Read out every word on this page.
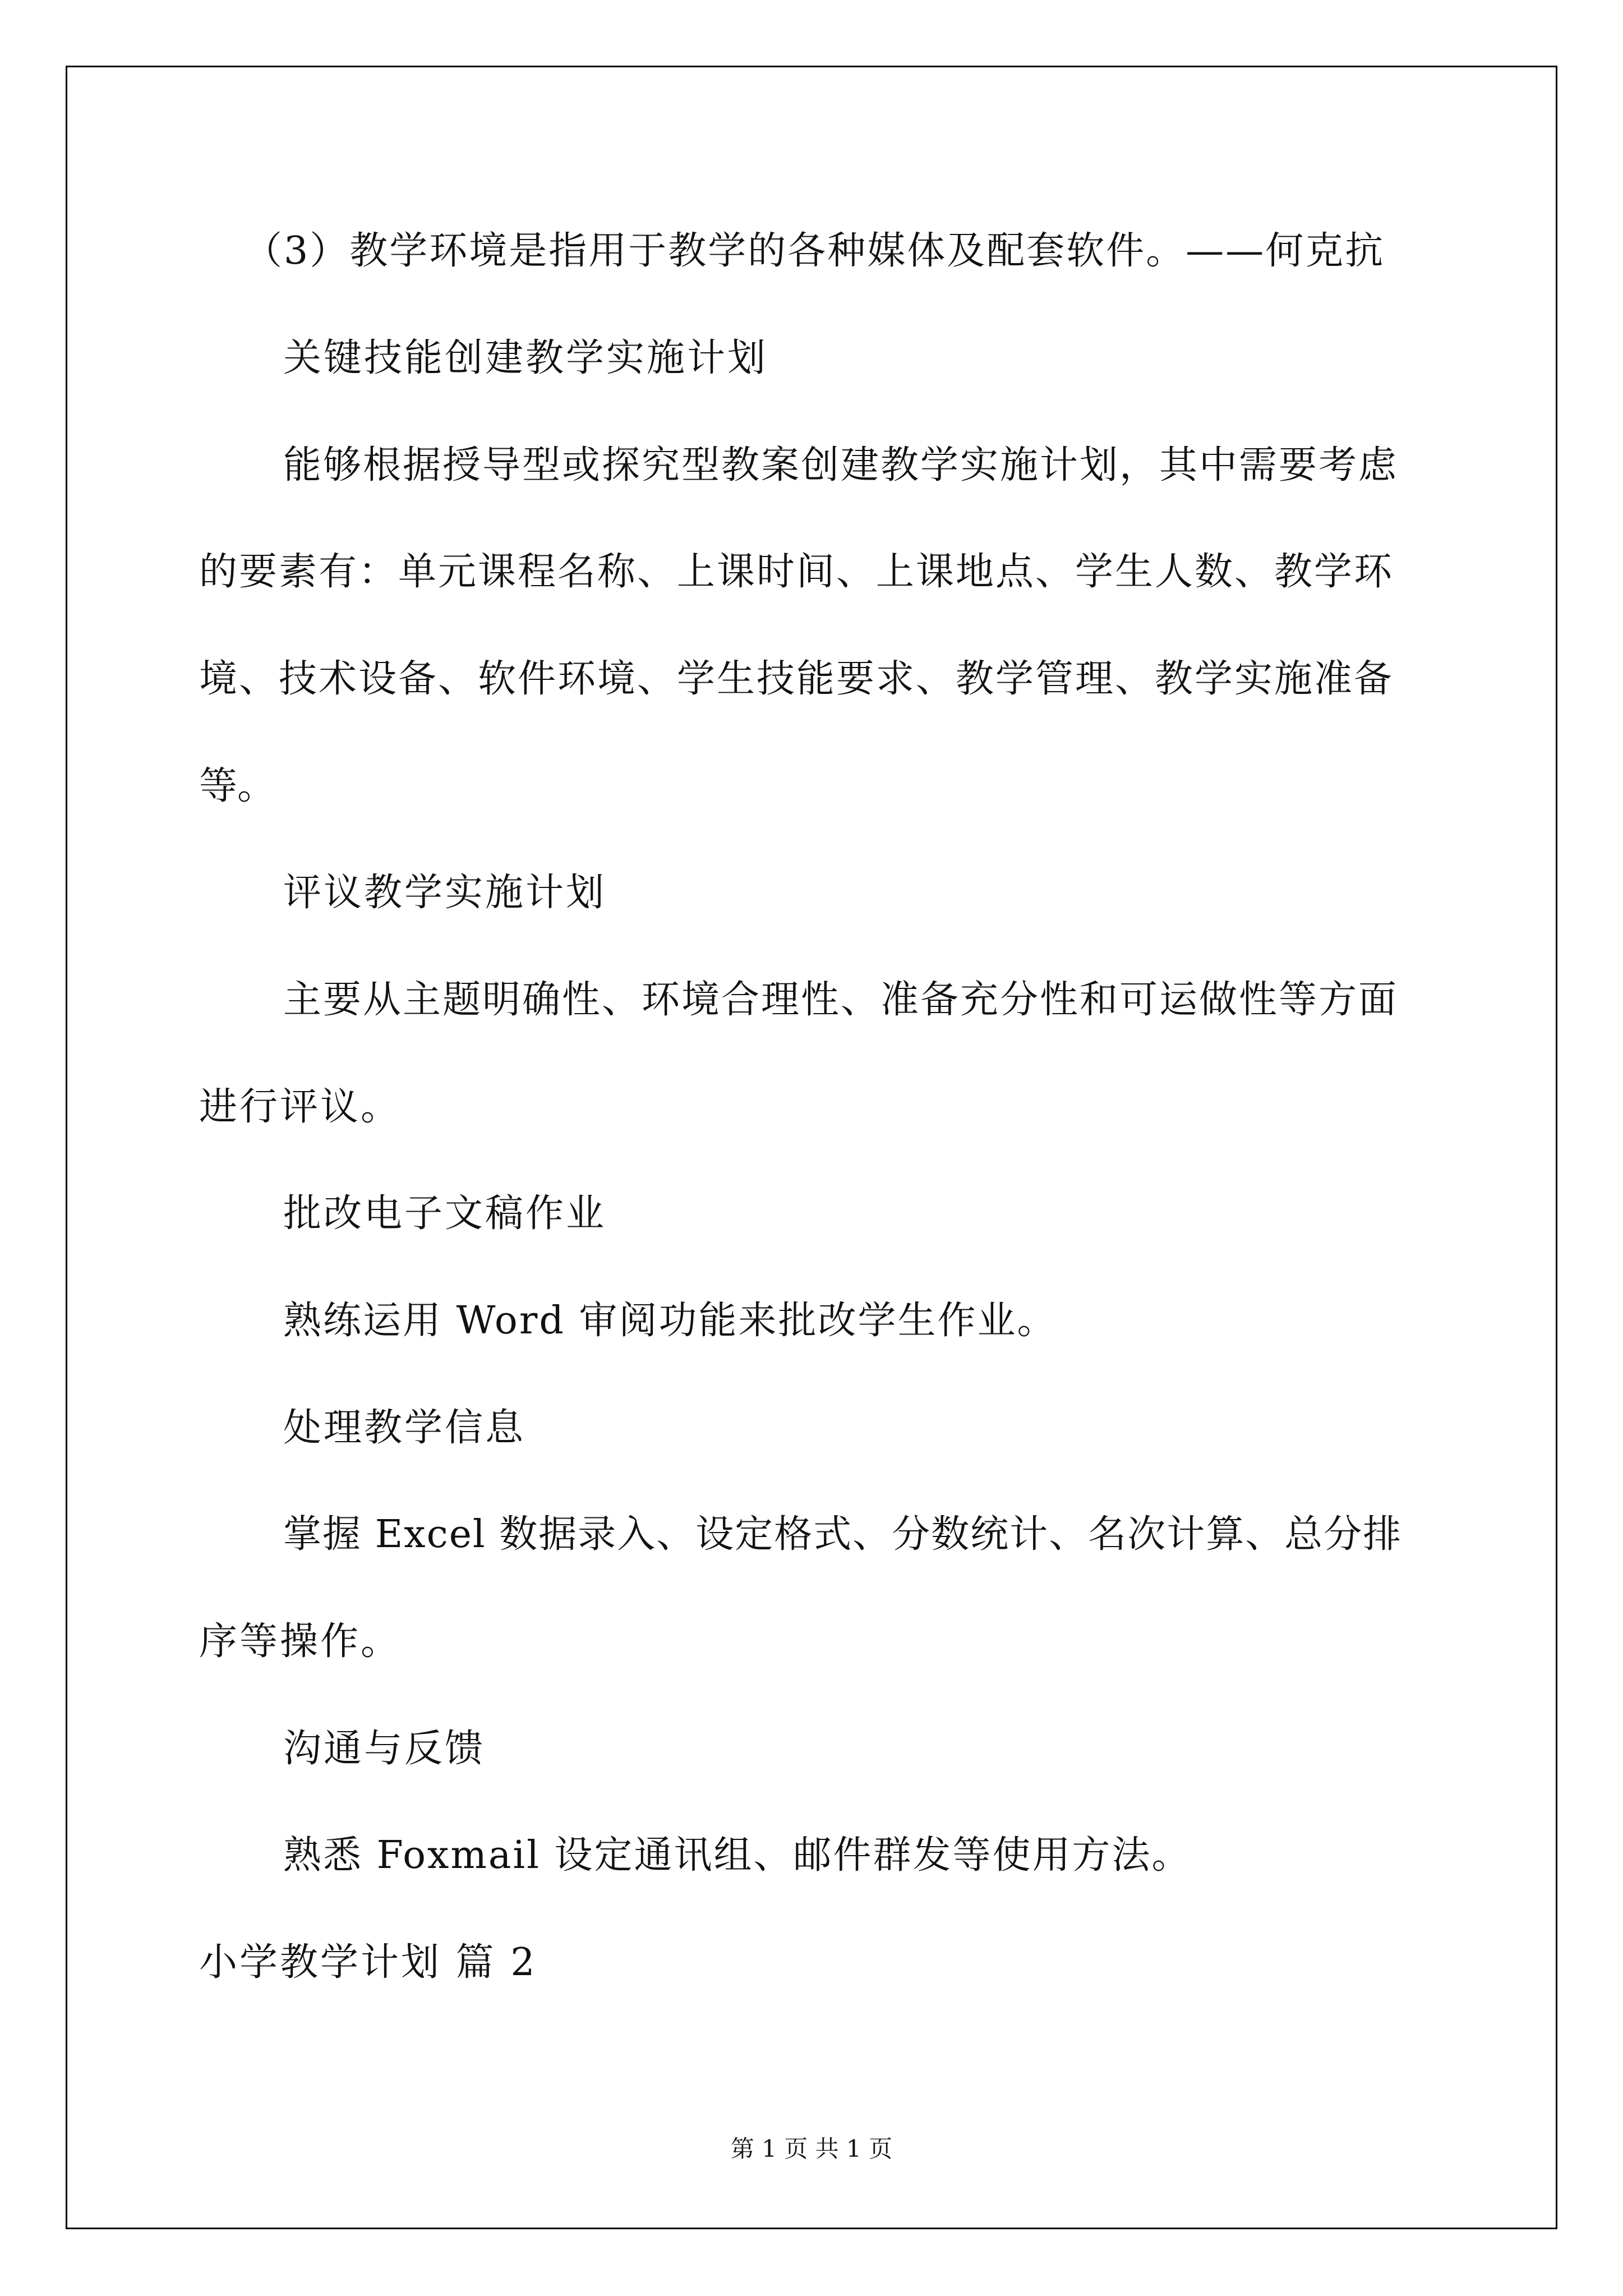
（3）教学环境是指用于教学的各种媒体及配套软件。——何克抗

关键技能创建教学实施计划

能够根据授导型或探究型教案创建教学实施计划，其中需要考虑

的要素有：单元课程名称、上课时间、上课地点、学生人数、教学环

境、技术设备、软件环境、学生技能要求、教学管理、教学实施准备

等。

评议教学实施计划

主要从主题明确性、环境合理性、准备充分性和可运做性等方面

进行评议。

批改电子文稿作业

熟练运用 Word 审阅功能来批改学生作业。

处理教学信息

掌握 Excel 数据录入、设定格式、分数统计、名次计算、总分排

序等操作。

沟通与反馈

熟悉 Foxmail 设定通讯组、邮件群发等使用方法。

小学教学计划 篇 2

第 1 页 共 1 页
